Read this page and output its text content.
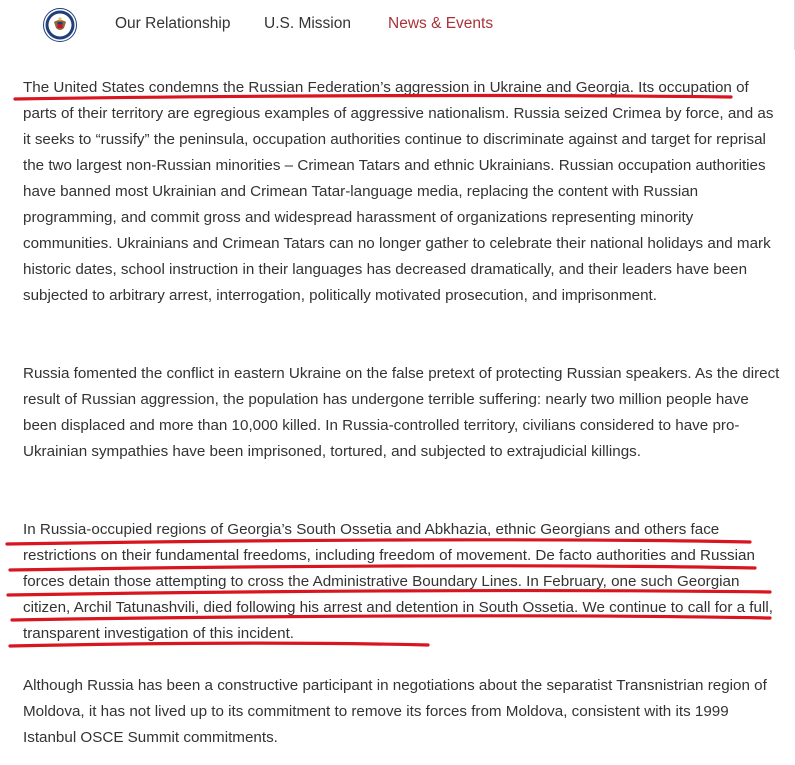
Our Relationship U.S. Mission News & Events

The United States condemns the Russian Federation’s aggression in Ukraine and Georgia. Its occupation of parts of their territory are egregious examples of aggressive nationalism. Russia seized Crimea by force, and as it seeks to “russify” the peninsula, occupation authorities continue to discriminate against and target for reprisal the two largest non-Russian minorities – Crimean Tatars and ethnic Ukrainians. Russian occupation authorities have banned most Ukrainian and Crimean Tatar-language media, replacing the content with Russian programming, and commit gross and widespread harassment of organizations representing minority communities. Ukrainians and Crimean Tatars can no longer gather to celebrate their national holidays and mark historic dates, school instruction in their languages has decreased dramatically, and their leaders have been subjected to arbitrary arrest, interrogation, politically motivated prosecution, and imprisonment.

Russia fomented the conflict in eastern Ukraine on the false pretext of protecting Russian speakers. As the direct result of Russian aggression, the population has undergone terrible suffering: nearly two million people have been displaced and more than 10,000 killed. In Russia-controlled territory, civilians considered to have pro-Ukrainian sympathies have been imprisoned, tortured, and subjected to extrajudicial killings.

In Russia-occupied regions of Georgia’s South Ossetia and Abkhazia, ethnic Georgians and others face restrictions on their fundamental freedoms, including freedom of movement. De facto authorities and Russian forces detain those attempting to cross the Administrative Boundary Lines. In February, one such Georgian citizen, Archil Tatunashvili, died following his arrest and detention in South Ossetia. We continue to call for a full, transparent investigation of this incident.

Although Russia has been a constructive participant in negotiations about the separatist Transnistrian region of Moldova, it has not lived up to its commitment to remove its forces from Moldova, consistent with its 1999 Istanbul OSCE Summit commitments.
